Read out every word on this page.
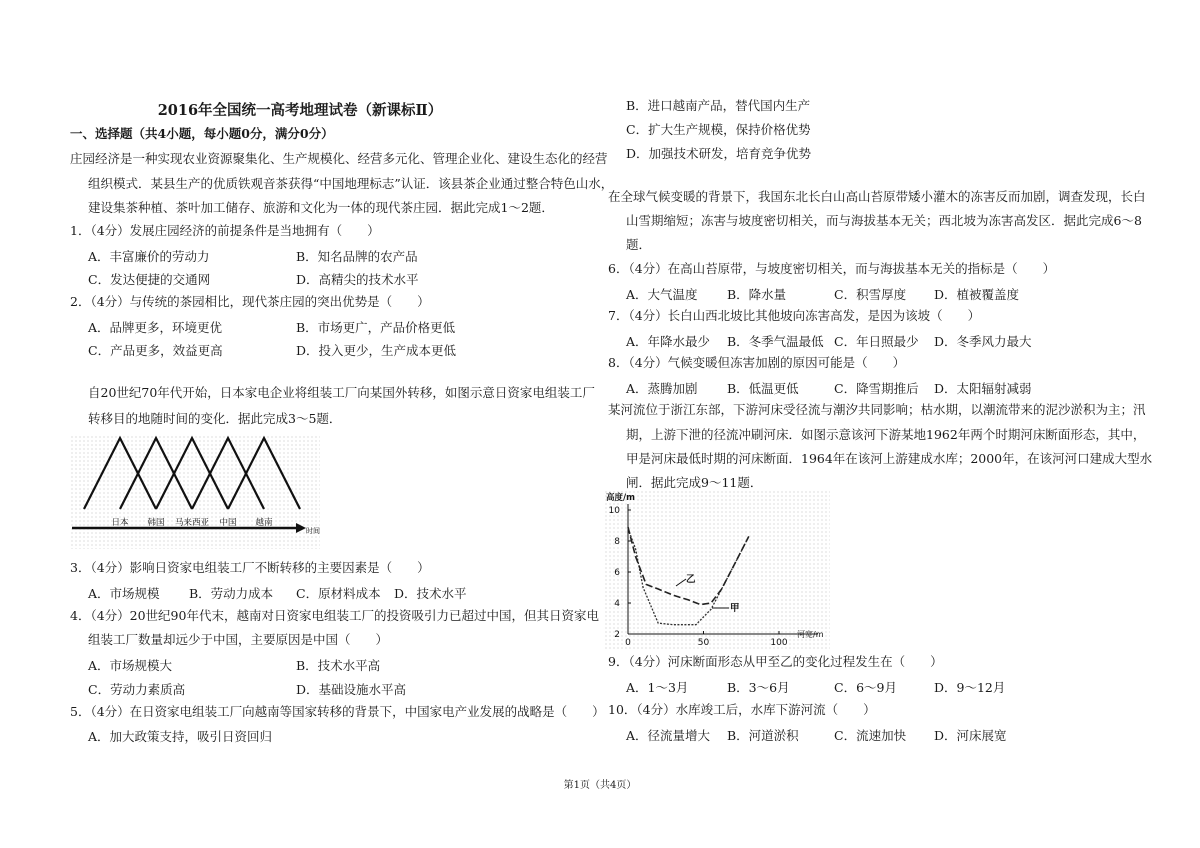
2016年全国统一高考地理试卷（新课标Ⅱ）
一、选择题（共4小题，每小题0分，满分0分）
庄园经济是一种实现农业资源聚集化、生产规模化、经营多元化、管理企业化、建设生态化的经营
组织模式．某县生产的优质铁观音茶获得“中国地理标志”认证．该县茶企业通过整合特色山水，
建设集茶种植、茶叶加工储存、旅游和文化为一体的现代茶庄园．据此完成1～2题．
1．（4分）发展庄园经济的前提条件是当地拥有（　　）
A．丰富廉价的劳动力	B．知名品牌的农产品
C．发达便捷的交通网	D．高精尖的技术水平
2．（4分）与传统的茶园相比，现代茶庄园的突出优势是（　　）
A．品牌更多，环境更优	B．市场更广，产品价格更低
C．产品更多，效益更高	D．投入更少，生产成本更低
自20世纪70年代开始，日本家电企业将组装工厂向某国外转移，如图示意日资家电组装工厂
转移目的地随时间的变化．据此完成3～5题．
时间
日本 韩国 马来西亚 中国 越南
3．（4分）影响日资家电组装工厂不断转移的主要因素是（　　）
A．市场规模 B．劳动力成本 C．原材料成本 D．技术水平
4．（4分）20世纪90年代末，越南对日资家电组装工厂的投资吸引力已超过中国，但其日资家电
组装工厂数量却远少于中国，主要原因是中国（　　）
A．市场规模大	B．技术水平高
C．劳动力素质高	D．基础设施水平高
5．（4分）在日资家电组装工厂向越南等国家转移的背景下，中国家电产业发展的战略是（　　）
A．加大政策支持，吸引日资回归
B．进口越南产品，替代国内生产
C．扩大生产规模，保持价格优势
D．加强技术研发，培育竞争优势
在全球气候变暖的背景下，我国东北长白山高山苔原带矮小灌木的冻害反而加剧，调查发现，长白
山雪期缩短；冻害与坡度密切相关，而与海拔基本无关；西北坡为冻害高发区．据此完成6～8
题．
6．（4分）在高山苔原带，与坡度密切相关，而与海拔基本无关的指标是（　　）
A．大气温度 B．降水量	C．积雪厚度 D．植被覆盖度
7．（4分）长白山西北坡比其他坡向冻害高发，是因为该坡（　　）
A．年降水最少 B．冬季气温最低 C．年日照最少 D．冬季风力最大
8．（4分）气候变暖但冻害加剧的原因可能是（　　）
A．蒸腾加剧 B．低温更低	C．降雪期推后 D．太阳辐射减弱
某河流位于浙江东部，下游河床受径流与潮汐共同影响；枯水期，以潮流带来的泥沙淤积为主；汛
期，上游下泄的径流冲刷河床．如图示意该河下游某地1962年两个时期河床断面形态，其中，
甲是河床最低时期的河床断面．1964年在该河上游建成水库；2000年，在该河河口建成大型水
闸．据此完成9～11题．
2
4
6
8
10
0	50	100
高度/m
河宽/m
甲
乙
9．（4分）河床断面形态从甲至乙的变化过程发生在（　　）
A．1～3月	B．3～6月	C．6～9月	D．9～12月
10．（4分）水库竣工后，水库下游河流（　　）
A．径流量增大 B．河道淤积	C．流速加快 D．河床展宽
第1页（共4页）
